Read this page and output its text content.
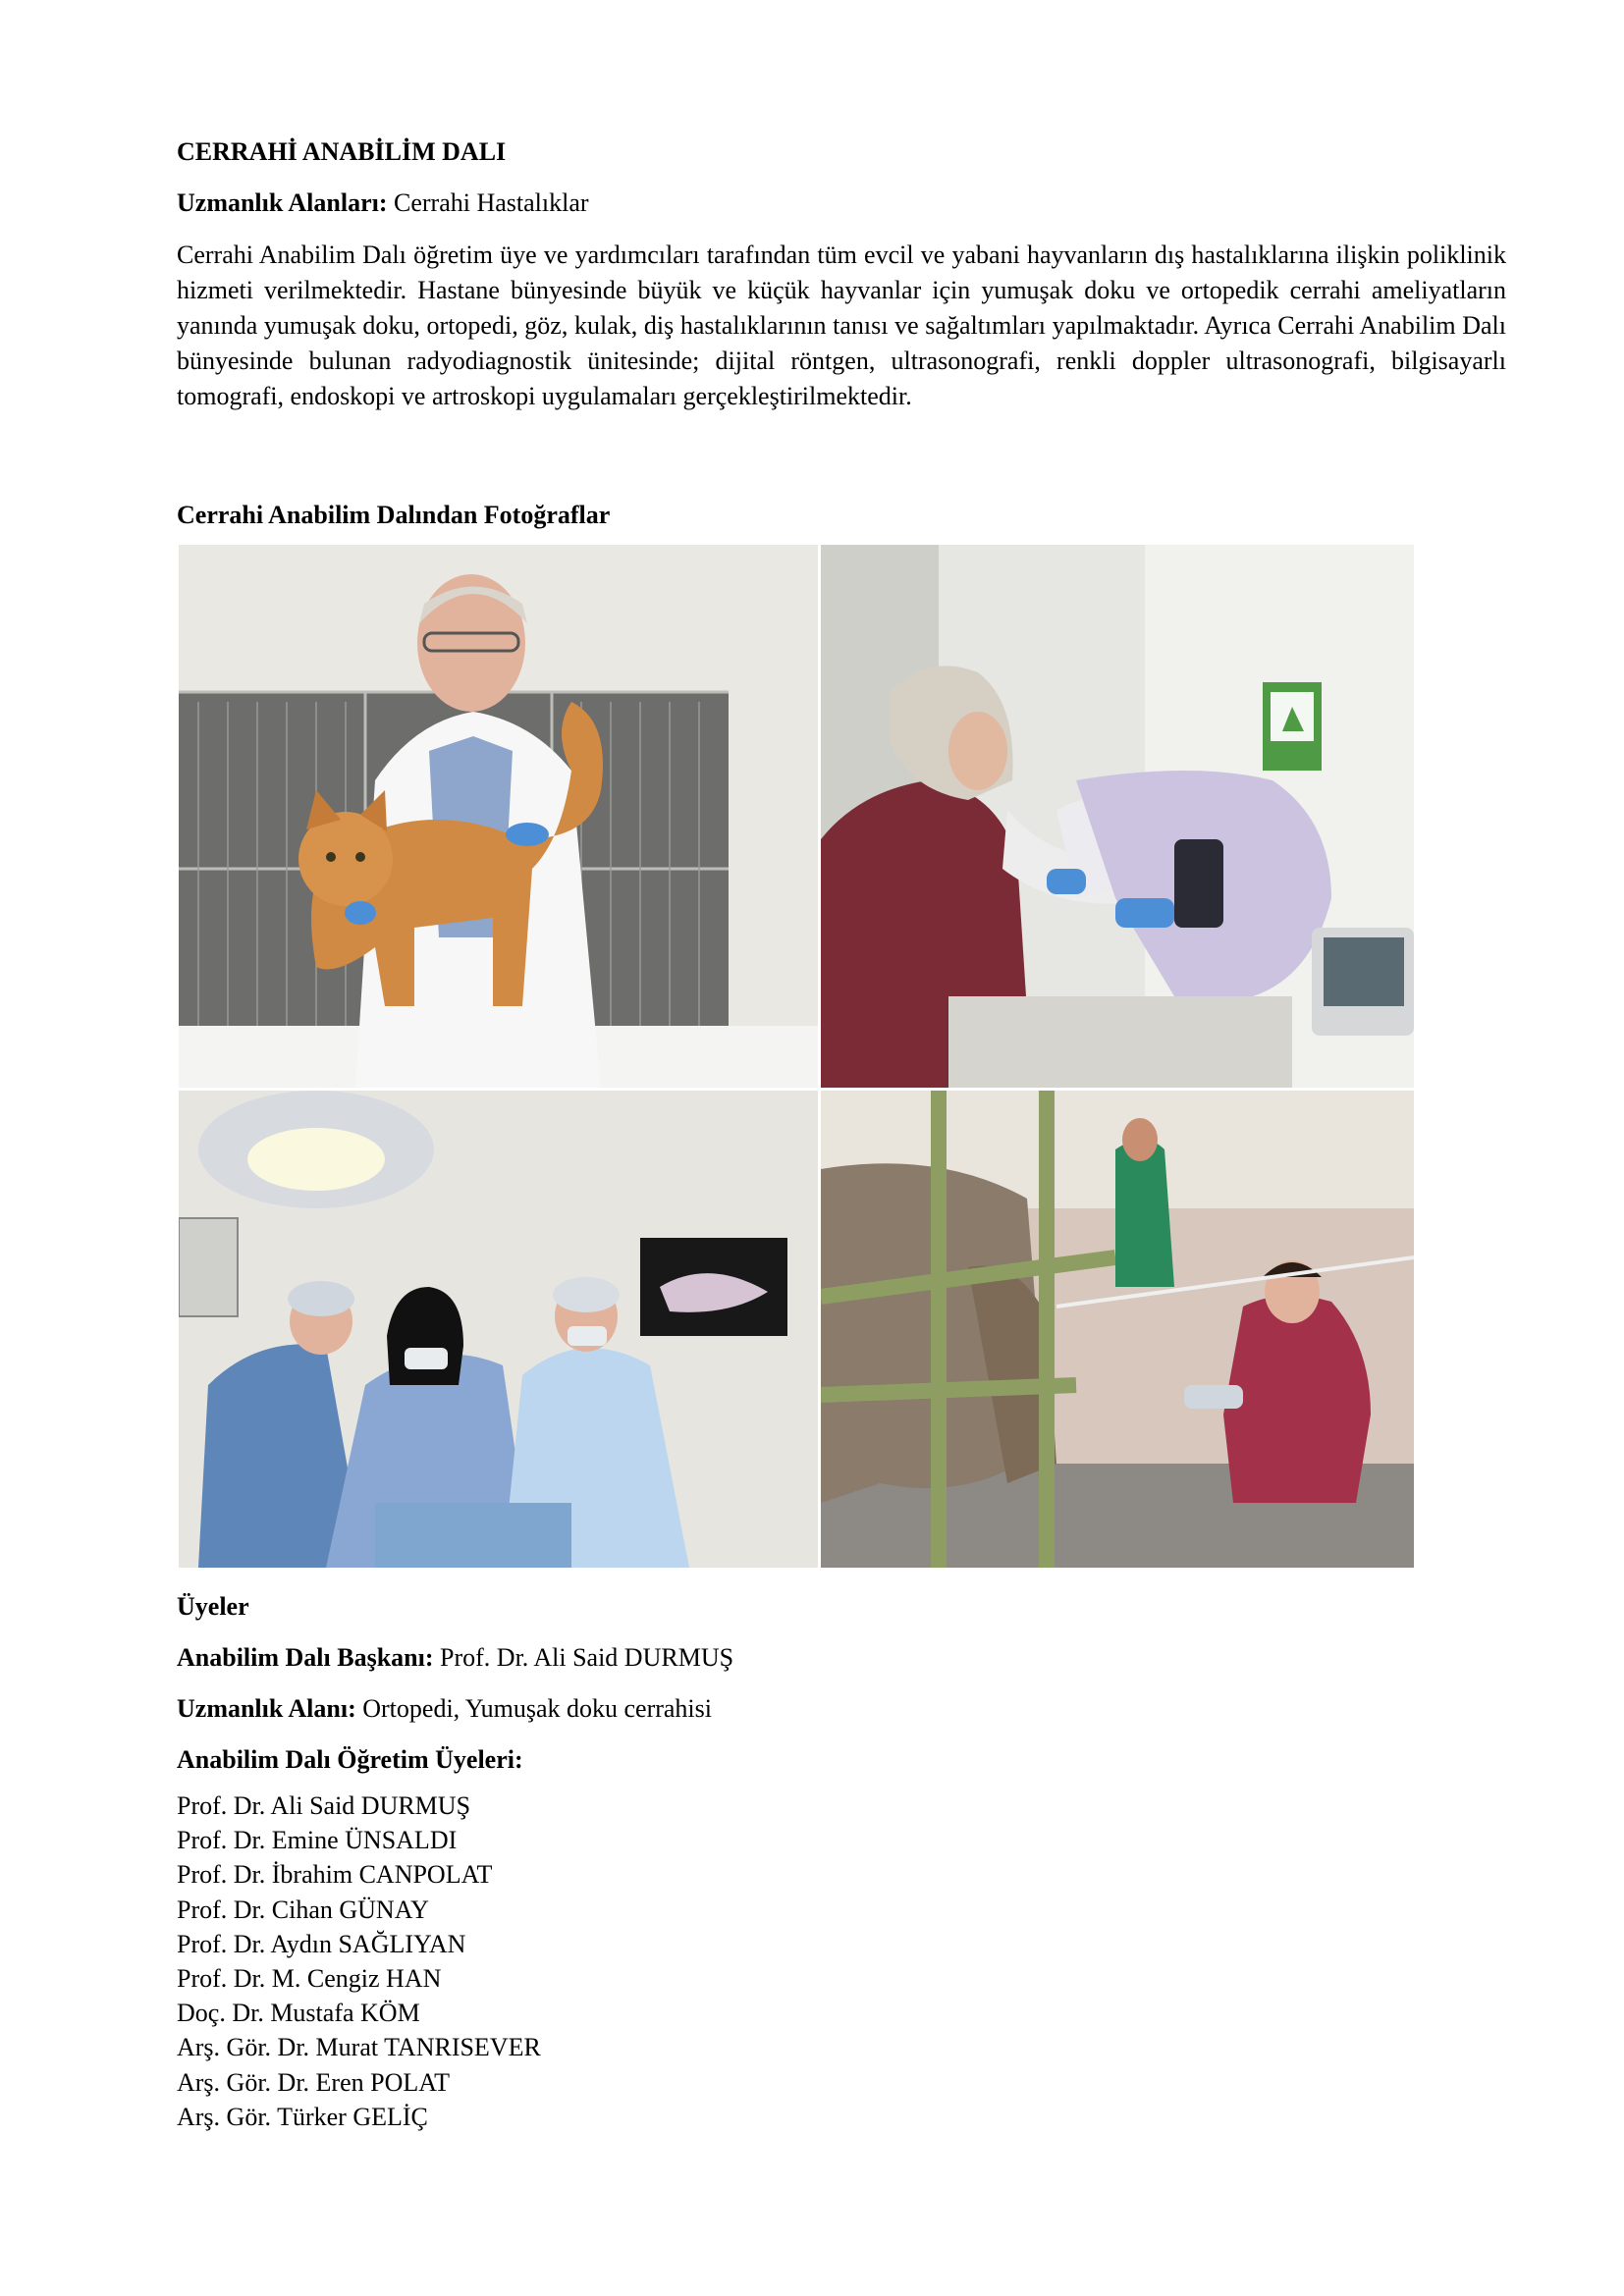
CERRAHİ ANABİLİM DALI
Uzmanlık Alanları: Cerrahi Hastalıklar
Cerrahi Anabilim Dalı öğretim üye ve yardımcıları tarafından tüm evcil ve yabani hayvanların dış hastalıklarına ilişkin poliklinik hizmeti verilmektedir. Hastane bünyesinde büyük ve küçük hayvanlar için yumuşak doku ve ortopedik cerrahi ameliyatların yanında yumuşak doku, ortopedi, göz, kulak, diş hastalıklarının tanısı ve sağaltımları yapılmaktadır. Ayrıca Cerrahi Anabilim Dalı bünyesinde bulunan radyodiagnostik ünitesinde; dijital röntgen, ultrasonografi, renkli doppler ultrasonografi, bilgisayarlı tomografi, endoskopi ve artroskopi uygulamaları gerçekleştirilmektedir.
Cerrahi Anabilim Dalından Fotoğraflar
Üyeler
Anabilim Dalı Başkanı: Prof. Dr. Ali Said DURMUŞ
Uzmanlık Alanı: Ortopedi, Yumuşak doku cerrahisi
Anabilim Dalı Öğretim Üyeleri:
Prof. Dr. Ali Said DURMUŞ
Prof. Dr. Emine ÜNSALDI
Prof. Dr. İbrahim CANPOLAT
Prof. Dr. Cihan GÜNAY
Prof. Dr. Aydın SAĞLIYAN
Prof. Dr. M. Cengiz HAN
Doç. Dr. Mustafa KÖM
Arş. Gör. Dr. Murat TANRISEVER
Arş. Gör. Dr. Eren POLAT
Arş. Gör. Türker GELİÇ
